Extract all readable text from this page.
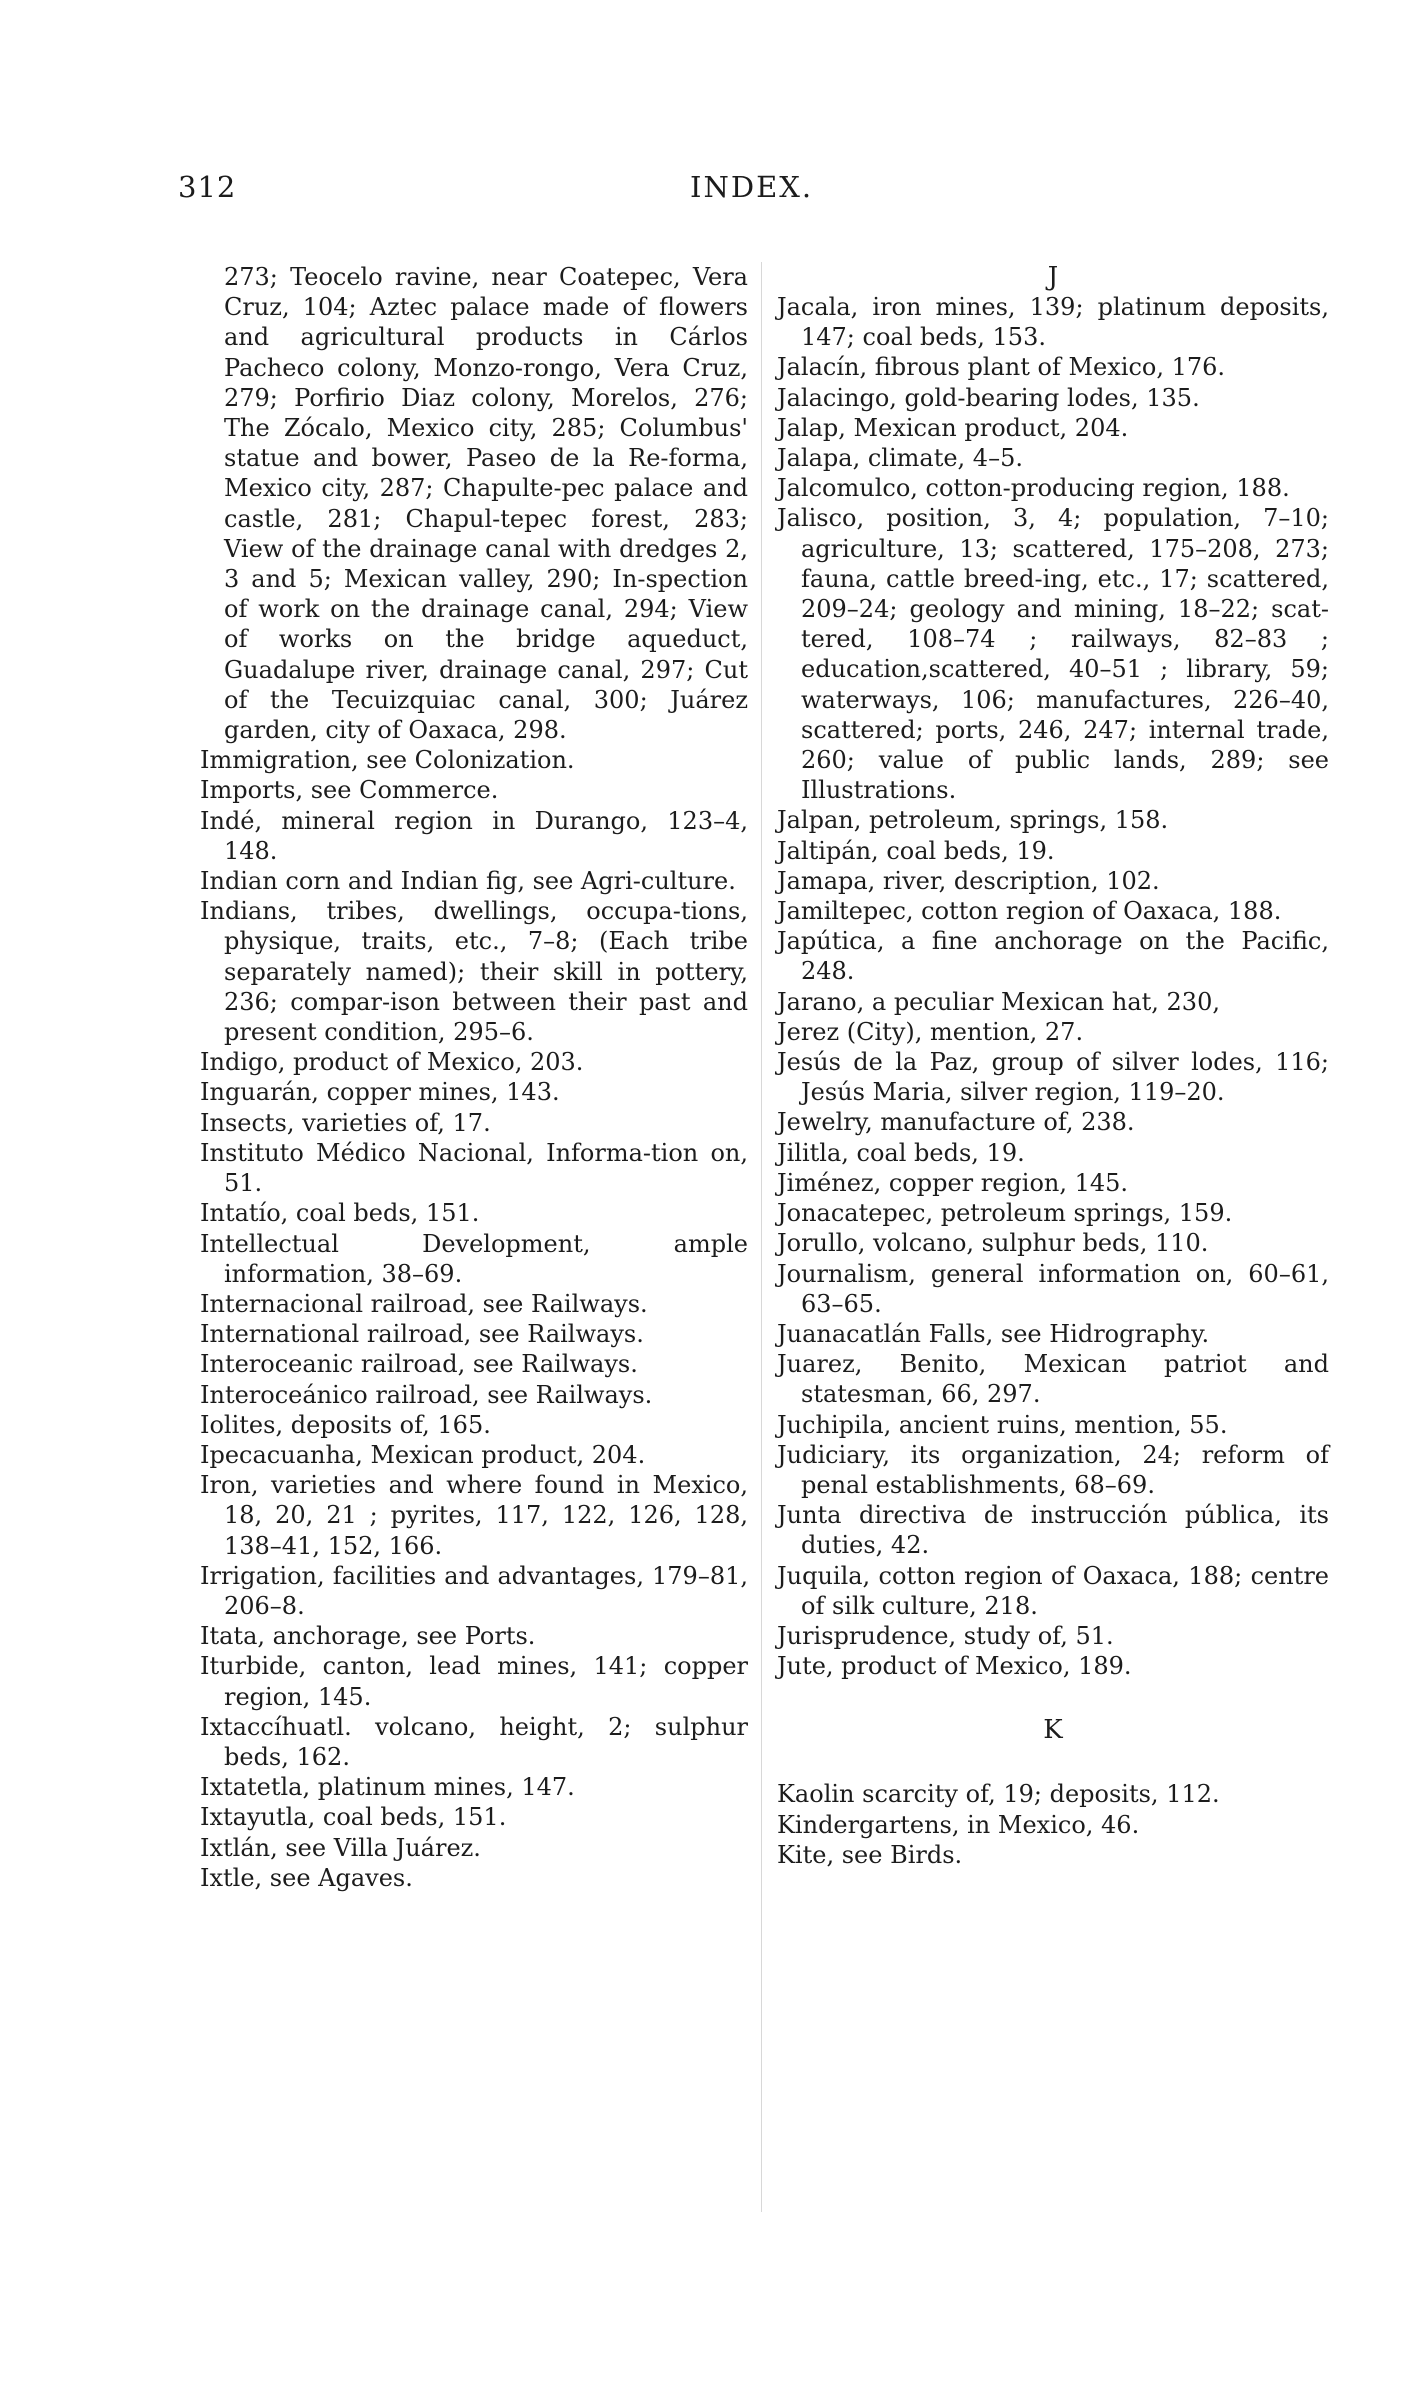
312	INDEX.

273; Teocelo ravine, near Coatepec, Vera Cruz, 104; Aztec palace made of flowers and agricultural products in Cárlos Pacheco colony, Monzo-rongo, Vera Cruz, 279; Porfirio Diaz colony, Morelos, 276; The Zócalo, Mexico city, 285; Columbus' statue and bower, Paseo de la Re-forma, Mexico city, 287; Chapulte-pec palace and castle, 281; Chapul-tepec forest, 283; View of the drainage canal with dredges 2, 3 and 5; Mexican valley, 290; In-spection of work on the drainage canal, 294; View of works on the bridge aqueduct, Guadalupe river, drainage canal, 297; Cut of the Tecuizquiac canal, 300; Juárez garden, city of Oaxaca, 298.

Immigration, see Colonization.

Imports, see Commerce.

Indé, mineral region in Durango, 123–4, 148.

Indian corn and Indian fig, see Agri-culture.

Indians, tribes, dwellings, occupa-tions, physique, traits, etc., 7–8; (Each tribe separately named); their skill in pottery, 236; compar-ison between their past and present condition, 295–6.

Indigo, product of Mexico, 203.

Inguarán, copper mines, 143.

Insects, varieties of, 17.

Instituto Médico Nacional, Informa-tion on, 51.

Intatío, coal beds, 151.

Intellectual Development, ample information, 38–69.

Internacional railroad, see Railways.

International railroad, see Railways.

Interoceanic railroad, see Railways.

Interoceánico railroad, see Railways.

Iolites, deposits of, 165.

Ipecacuanha, Mexican product, 204.

Iron, varieties and where found in Mexico, 18, 20, 21 ; pyrites, 117, 122, 126, 128, 138–41, 152, 166.

Irrigation, facilities and advantages, 179–81, 206–8.

Itata, anchorage, see Ports.

Iturbide, canton, lead mines, 141; copper region, 145.

Ixtaccíhuatl. volcano, height, 2; sulphur beds, 162.

Ixtatetla, platinum mines, 147.

Ixtayutla, coal beds, 151.

Ixtlán, see Villa Juárez.

Ixtle, see Agaves.

J

Jacala, iron mines, 139; platinum deposits, 147; coal beds, 153.

Jalacín, fibrous plant of Mexico, 176.

Jalacingo, gold-bearing lodes, 135.

Jalap, Mexican product, 204.

Jalapa, climate, 4–5.

Jalcomulco, cotton-producing region, 188.

Jalisco, position, 3, 4; population, 7–10; agriculture, 13; scattered, 175–208, 273; fauna, cattle breed-ing, etc., 17; scattered, 209–24; geology and mining, 18–22; scat-tered, 108–74 ; railways, 82–83 ; education,scattered, 40–51 ; library, 59; waterways, 106; manufactures, 226–40, scattered; ports, 246, 247; internal trade, 260; value of public lands, 289; see Illustrations.

Jalpan, petroleum, springs, 158.

Jaltipán, coal beds, 19.

Jamapa, river, description, 102.

Jamiltepec, cotton region of Oaxaca, 188.

Japútica, a fine anchorage on the Pacific, 248.

Jarano, a peculiar Mexican hat, 230,

Jerez (City), mention, 27.

Jesús de la Paz, group of silver lodes, 116; Jesús Maria, silver region, 119–20.

Jewelry, manufacture of, 238.

Jilitla, coal beds, 19.

Jiménez, copper region, 145.

Jonacatepec, petroleum springs, 159.

Jorullo, volcano, sulphur beds, 110.

Journalism, general information on, 60–61, 63–65.

Juanacatlán Falls, see Hidrography.

Juarez, Benito, Mexican patriot and statesman, 66, 297.

Juchipila, ancient ruins, mention, 55.

Judiciary, its organization, 24; reform of penal establishments, 68–69.

Junta directiva de instrucción pública, its duties, 42.

Juquila, cotton region of Oaxaca, 188; centre of silk culture, 218.

Jurisprudence, study of, 51.

Jute, product of Mexico, 189.

K

Kaolin scarcity of, 19; deposits, 112.

Kindergartens, in Mexico, 46.

Kite, see Birds.
